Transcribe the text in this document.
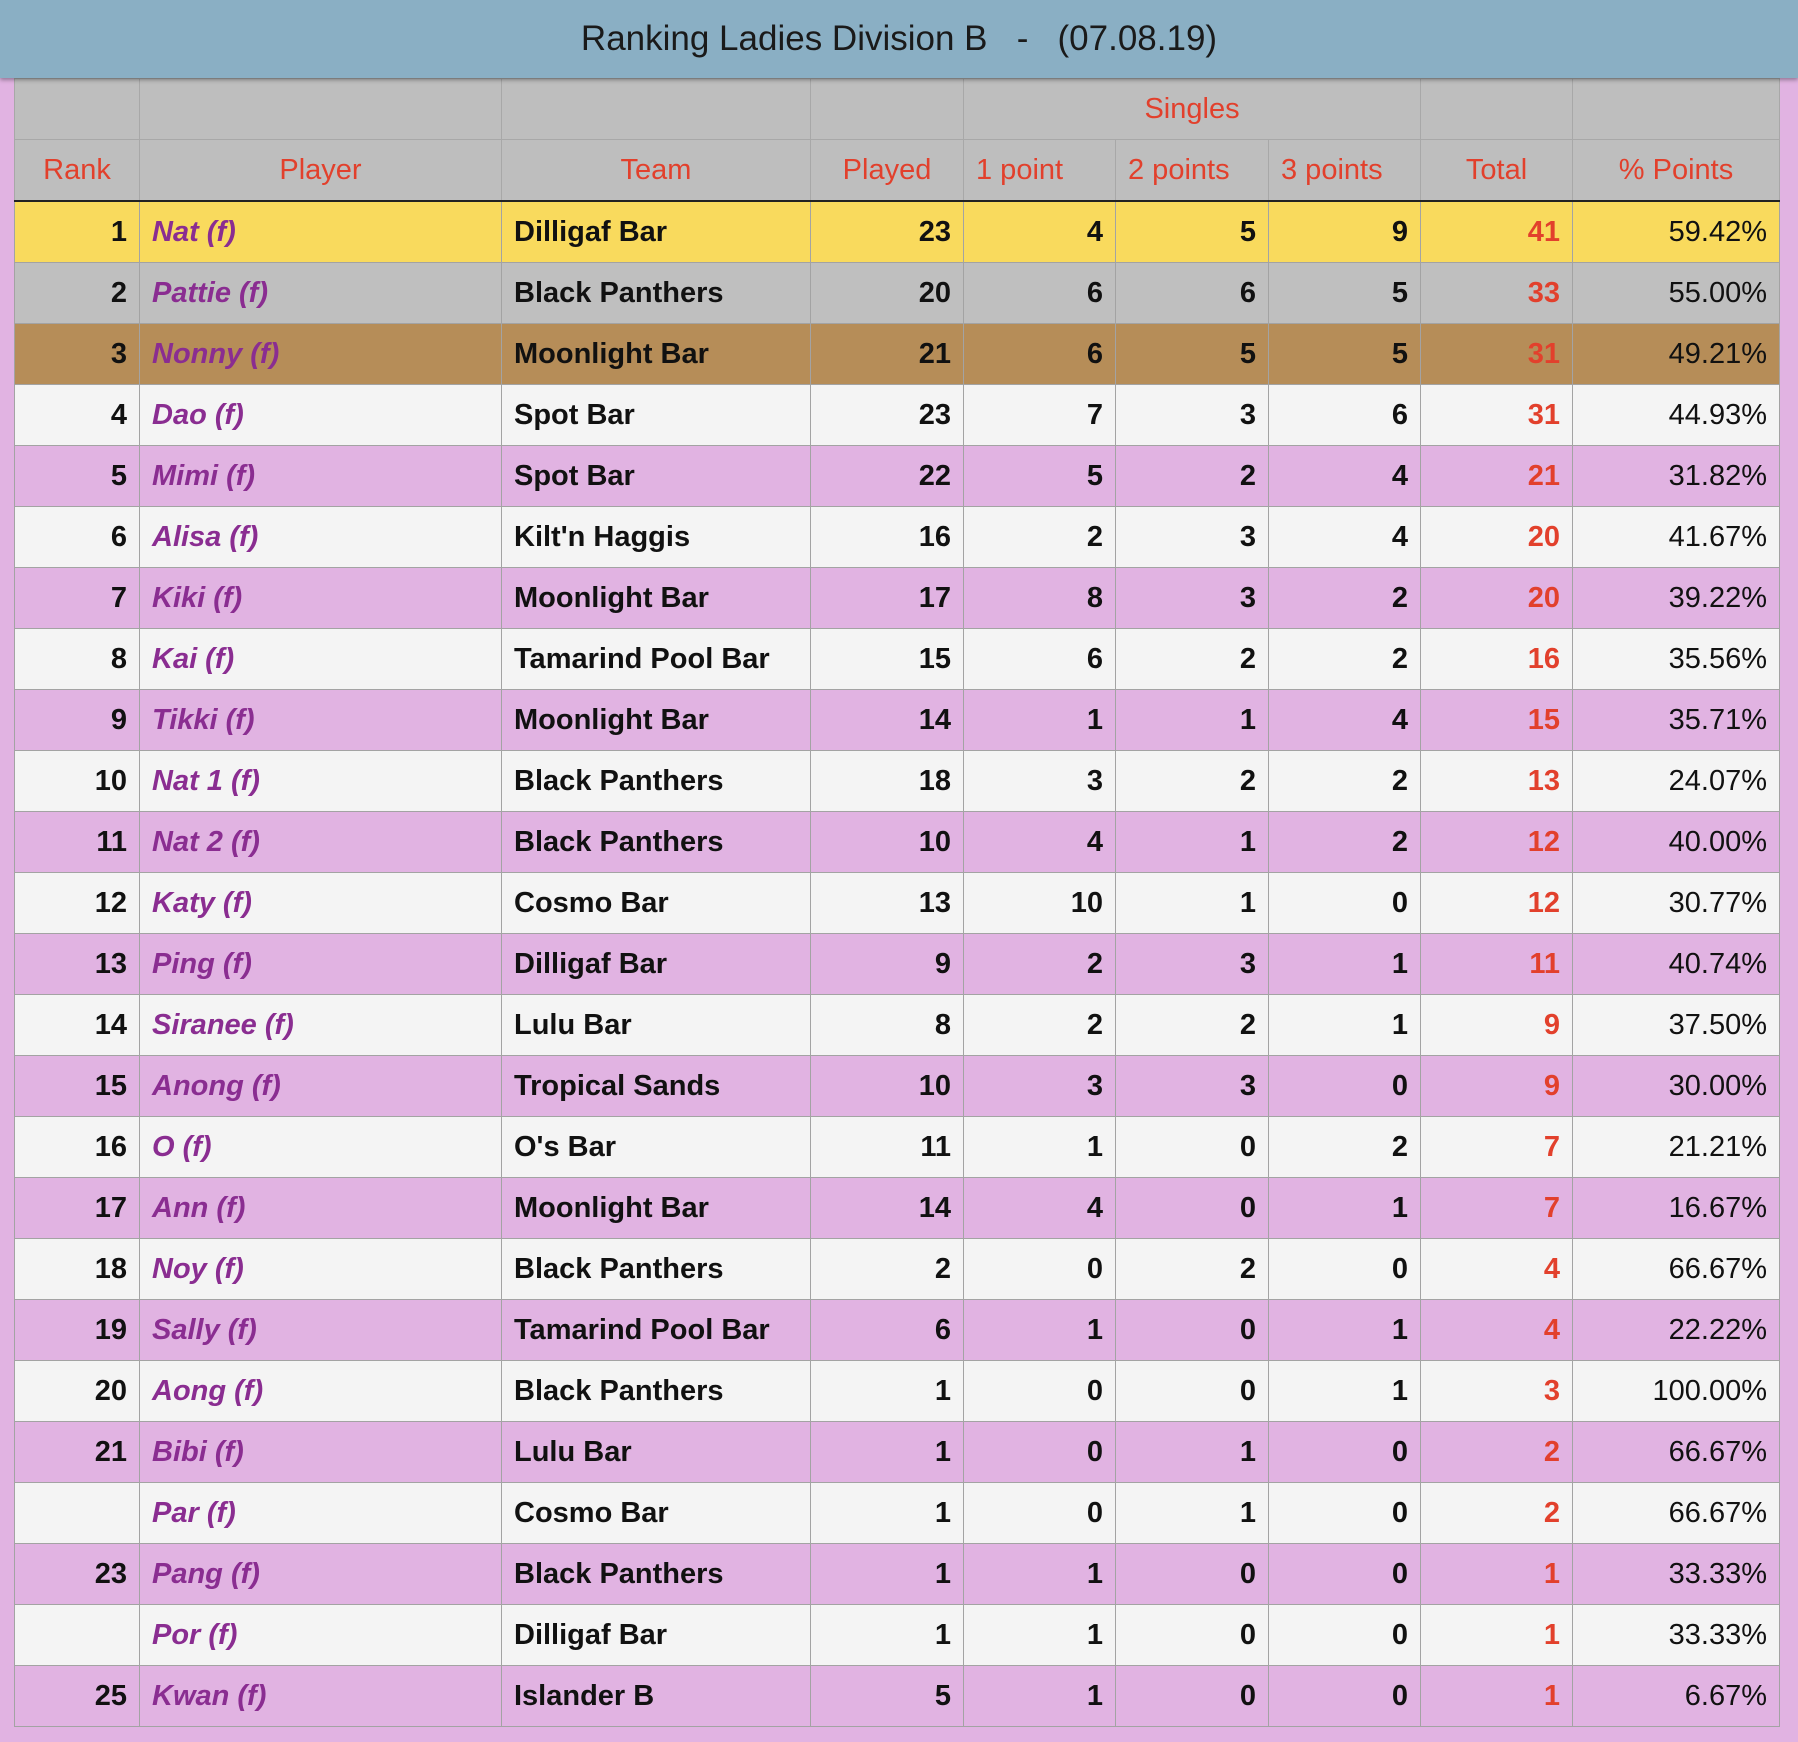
Ranking Ladies Division B   -   (07.08.19)
				Singles				
Rank	Player	Team	Played	1 point	2 points	3 points	Total	% Points
1	Nat (f)	Dilligaf Bar	23	4	5	9	41	59.42%
2	Pattie (f)	Black Panthers	20	6	6	5	33	55.00%
3	Nonny (f)	Moonlight Bar	21	6	5	5	31	49.21%
4	Dao (f)	Spot Bar	23	7	3	6	31	44.93%
5	Mimi (f)	Spot Bar	22	5	2	4	21	31.82%
6	Alisa (f)	Kilt'n Haggis	16	2	3	4	20	41.67%
7	Kiki (f)	Moonlight Bar	17	8	3	2	20	39.22%
8	Kai (f)	Tamarind Pool Bar	15	6	2	2	16	35.56%
9	Tikki (f)	Moonlight Bar	14	1	1	4	15	35.71%
10	Nat 1 (f)	Black Panthers	18	3	2	2	13	24.07%
11	Nat 2 (f)	Black Panthers	10	4	1	2	12	40.00%
12	Katy (f)	Cosmo Bar	13	10	1	0	12	30.77%
13	Ping (f)	Dilligaf Bar	9	2	3	1	11	40.74%
14	Siranee (f)	Lulu Bar	8	2	2	1	9	37.50%
15	Anong (f)	Tropical Sands	10	3	3	0	9	30.00%
16	O (f)	O's Bar	11	1	0	2	7	21.21%
17	Ann (f)	Moonlight Bar	14	4	0	1	7	16.67%
18	Noy (f)	Black Panthers	2	0	2	0	4	66.67%
19	Sally (f)	Tamarind Pool Bar	6	1	0	1	4	22.22%
20	Aong (f)	Black Panthers	1	0	0	1	3	100.00%
21	Bibi (f)	Lulu Bar	1	0	1	0	2	66.67%
	Par (f)	Cosmo Bar	1	0	1	0	2	66.67%
23	Pang (f)	Black Panthers	1	1	0	0	1	33.33%
	Por (f)	Dilligaf Bar	1	1	0	0	1	33.33%
25	Kwan (f)	Islander B	5	1	0	0	1	6.67%
